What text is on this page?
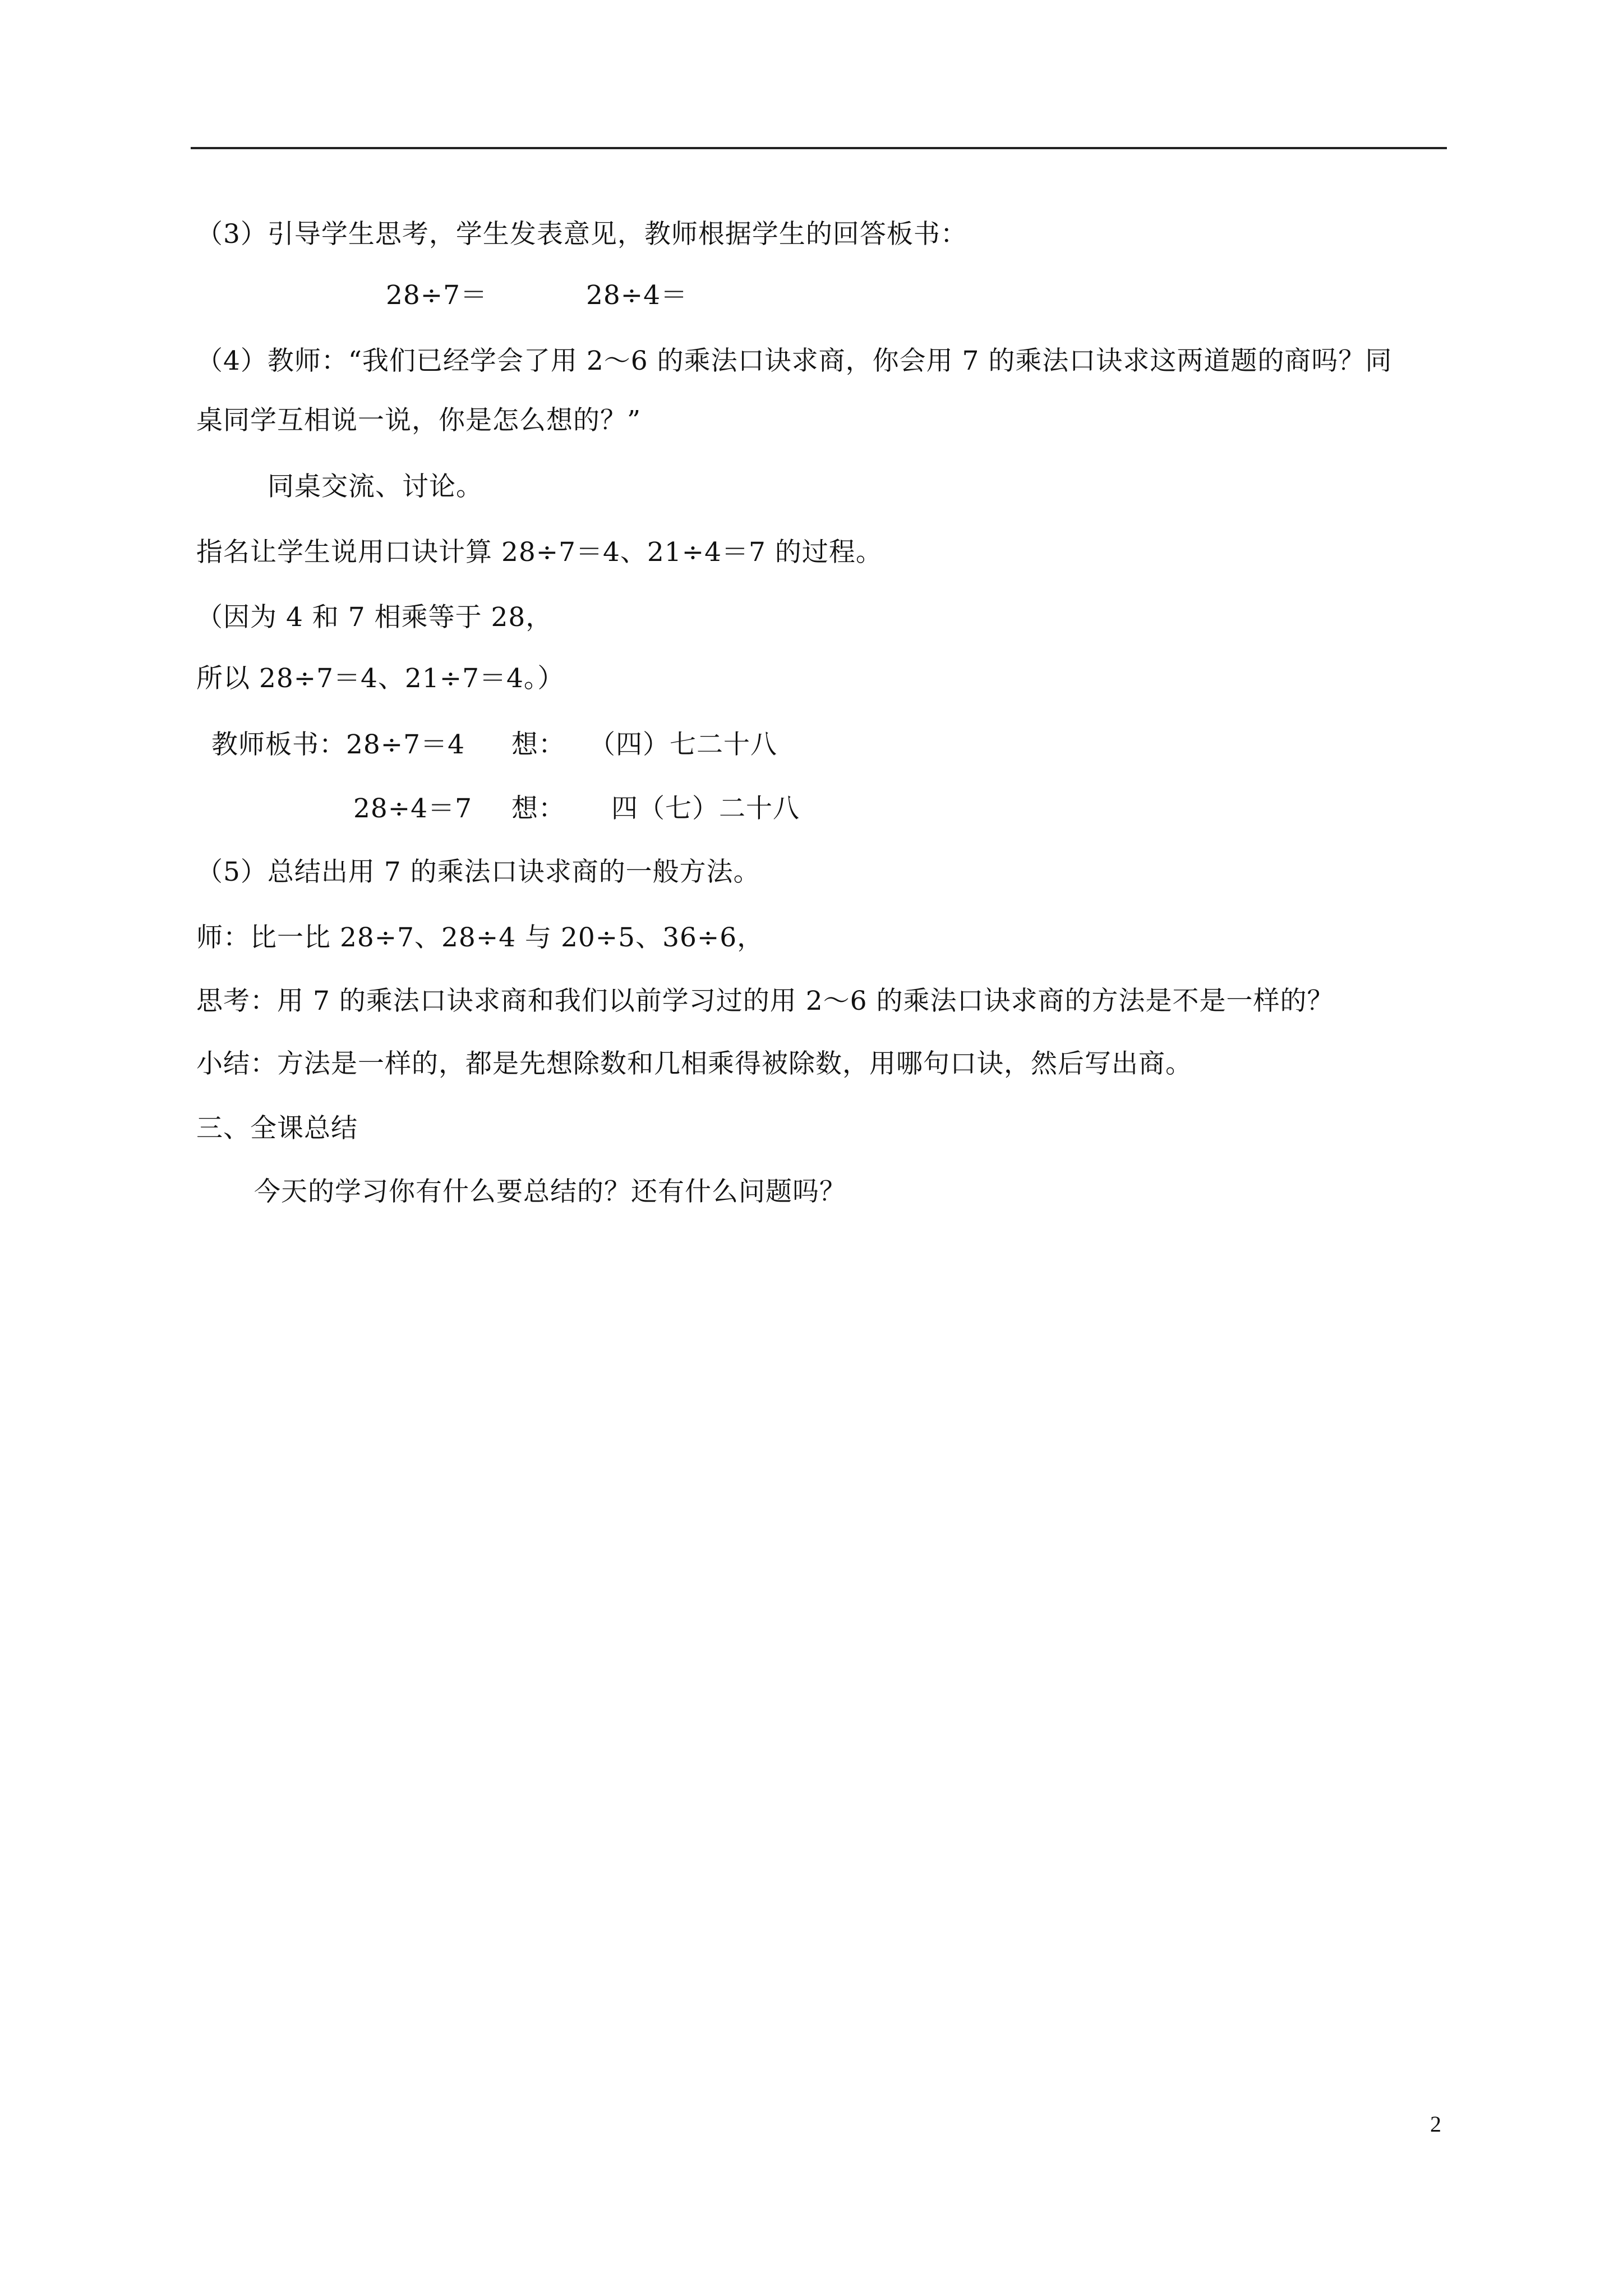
（3）引导学生思考，学生发表意见，教师根据学生的回答板书：
28÷7＝	28÷4＝
（4）教师：“我们已经学会了用 2～6 的乘法口诀求商，你会用 7 的乘法口诀求这两道题的商吗？同
桌同学互相说一说，你是怎么想的？”
同桌交流、讨论。
指名让学生说用口诀计算 28÷7＝4、21÷4＝7 的过程。
（因为 4 和 7 相乘等于 28，
所以 28÷7＝4、21÷7＝4。）
教师板书：28÷7＝4 想： （四）七二十八
28÷4＝7 想： 四（七）二十八
（5）总结出用 7 的乘法口诀求商的一般方法。
师：比一比 28÷7、28÷4 与 20÷5、36÷6，
思考：用 7 的乘法口诀求商和我们以前学习过的用 2～6 的乘法口诀求商的方法是不是一样的？
小结：方法是一样的，都是先想除数和几相乘得被除数，用哪句口诀，然后写出商。
三、全课总结
今天的学习你有什么要总结的？还有什么问题吗？
2
